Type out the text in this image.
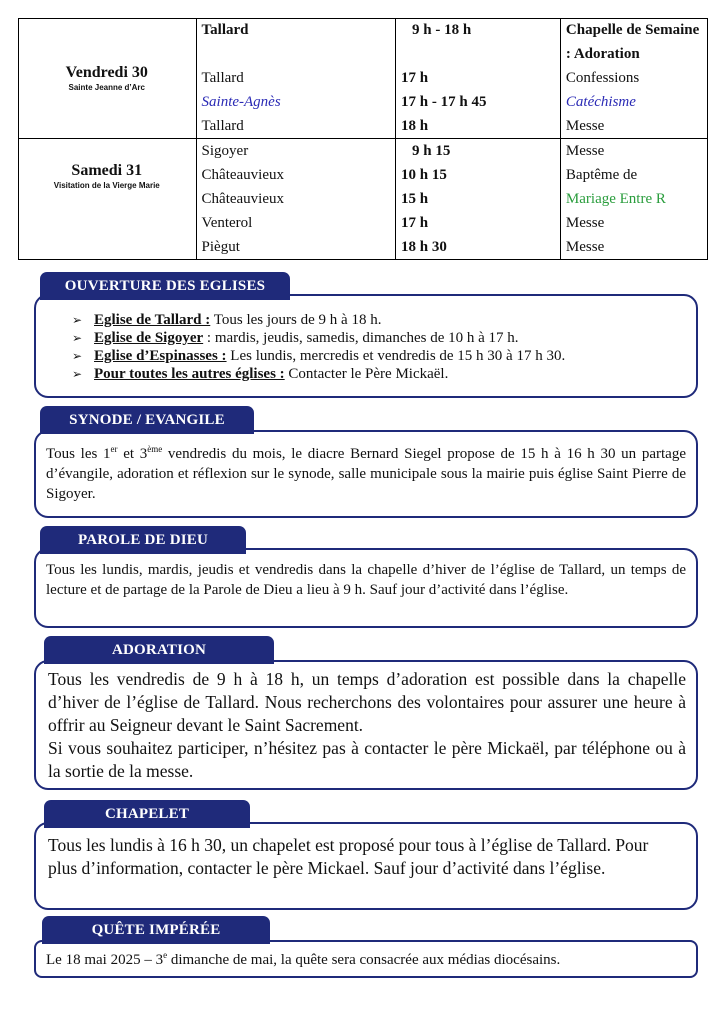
Vendredi 30
Sainte Jeanne d’Arc	Tallard	9 h - 18 h	Chapelle de Semaine : Adoration
	Tallard	17 h	Confessions
	Sainte-Agnès	17 h - 17 h 45	Catéchisme
	Tallard	18 h	Messe

Samedi 31
Visitation de la Vierge Marie	Sigoyer	9 h 15	Messe
	Châteauvieux	10 h 15	Baptême de
	Châteauvieux	15 h	Mariage Entre R
	Venterol	17 h	Messe
	Piègut	18 h 30	Messe
OUVERTURE DES EGLISES
➢ Eglise de Tallard : Tous les jours de 9 h à 18 h.
➢ Eglise de Sigoyer : mardis, jeudis, samedis, dimanches de 10 h à 17 h.
➢ Eglise d’Espinasses : Les lundis, mercredis et vendredis de 15 h 30 à 17 h 30.
➢ Pour toutes les autres églises : Contacter le Père Mickaël.
SYNODE / EVANGILE
Tous les 1er et 3ème vendredis du mois, le diacre Bernard Siegel propose de 15 h à 16 h 30 un partage d’évangile, adoration et réflexion sur le synode, salle municipale sous la mairie puis église Saint Pierre de Sigoyer.
PAROLE DE DIEU
Tous les lundis, mardis, jeudis et vendredis dans la chapelle d’hiver de l’église de Tallard, un temps de lecture et de partage de la Parole de Dieu a lieu à 9 h. Sauf jour d’activité dans l’église.
ADORATION
Tous les vendredis de 9 h à 18 h, un temps d’adoration est possible dans la chapelle d’hiver de l’église de Tallard. Nous recherchons des volontaires pour assurer une heure à offrir au Seigneur devant le Saint Sacrement.
Si vous souhaitez participer, n’hésitez pas à contacter le père Mickaël, par téléphone ou à la sortie de la messe.
CHAPELET
Tous les lundis à 16 h 30, un chapelet est proposé pour tous à l’église de Tallard. Pour plus d’information, contacter le père Mickael. Sauf jour d’activité dans l’église.
QUÊTE IMPÉRÉE
Le 18 mai 2025 – 3e dimanche de mai, la quête sera consacrée aux médias diocésains.
